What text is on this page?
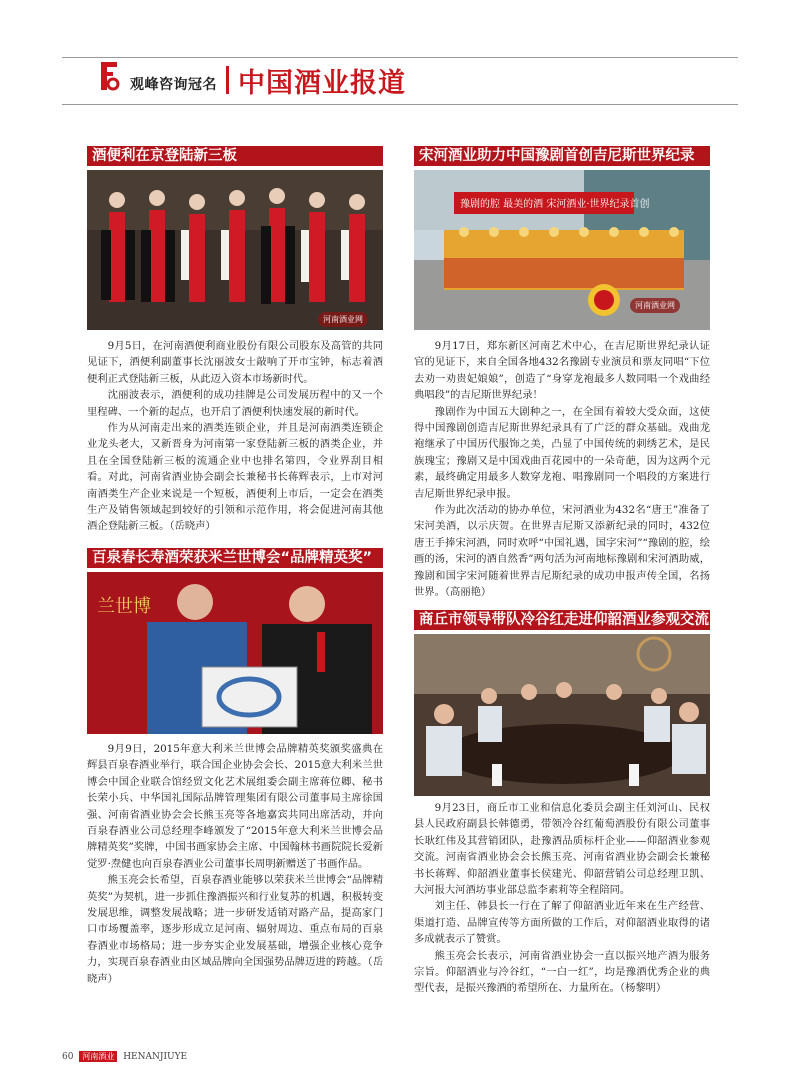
观峰咨询冠名 中国酒业报道
酒便利在京登陆新三板
河南酒业网

9月5日，在河南酒便利商业股份有限公司股东及高管的共同见证下，酒便利副董事长沈丽波女士敲响了开市宝钟，标志着酒便利正式登陆新三板，从此迈入资本市场新时代。

沈丽波表示，酒便利的成功挂牌是公司发展历程中的又一个里程碑、一个新的起点，也开启了酒便利快速发展的新时代。

作为从河南走出来的酒类连锁企业，并且是河南酒类连锁企业龙头老大，又新晋身为河南第一家登陆新三板的酒类企业，并且在全国登陆新三板的流通企业中也排名第四，令业界刮目相看。对此，河南省酒业协会副会长兼秘书长蒋辉表示，上市对河南酒类生产企业来说是一个短板，酒便利上市后，一定会在酒类生产及销售领域起到较好的引领和示范作用，将会促进河南其他酒企登陆新三板。（岳晓声）

百泉春长寿酒荣获米兰世博会“品牌精英奖”
兰世博

9月9日，2015年意大利米兰世博会品牌精英奖颁奖盛典在辉县百泉春酒业举行，联合国企业协会会长、2015意大利米兰世博会中国企业联合馆经贸文化艺术展组委会副主席蒋位卿、秘书长荣小兵、中华国礼国际品牌管理集团有限公司董事局主席徐国强、河南省酒业协会会长熊玉亮等各地嘉宾共同出席活动，并向百泉春酒业公司总经理李峰颁发了“2015年意大利米兰世博会品牌精英奖”奖牌，中国书画家协会主席、中国翰林书画院院长爱新觉罗·焘健也向百泉春酒业公司董事长周明新赠送了书画作品。

熊玉亮会长希望，百泉春酒业能够以荣获米兰世博会“品牌精英奖”为契机，进一步抓住豫酒振兴和行业复苏的机遇，积极转变发展思维，调整发展战略；进一步研发适销对路产品，提高家门口市场覆盖率，逐步形成立足河南、辐射周边、重点布局的百泉春酒业市场格局；进一步夯实企业发展基础，增强企业核心竞争力，实现百泉春酒业由区域品牌向全国强势品牌迈进的跨越。（岳晓声）

宋河酒业助力中国豫剧首创吉尼斯世界纪录
豫剧的腔 最美的酒 宋河酒业·世界纪录首创
河南酒业网

9月17日，郑东新区河南艺术中心，在吉尼斯世界纪录认证官的见证下，来自全国各地432名豫剧专业演员和票友同唱“下位去劝一劝贵妃娘娘”，创造了“身穿龙袍最多人数同唱一个戏曲经典唱段”的吉尼斯世界纪录！

豫剧作为中国五大剧种之一，在全国有着较大受众面，这使得中国豫剧创造吉尼斯世界纪录具有了广泛的群众基础。戏曲龙袍继承了中国历代服饰之美，凸显了中国传统的刺绣艺术，是民族瑰宝；豫剧又是中国戏曲百花园中的一朵奇葩，因为这两个元素，最终确定用最多人数穿龙袍、唱豫剧同一个唱段的方案进行吉尼斯世界纪录申报。

作为此次活动的协办单位，宋河酒业为432名“唐王”准备了宋河美酒，以示庆贺。在世界吉尼斯又添新纪录的同时，432位唐王手捧宋河酒，同时欢呼“中国礼遇，国字宋河”“豫剧的腔，绘画的汤，宋河的酒自然香”两句活为河南地标豫剧和宋河酒助威，豫剧和国字宋河随着世界吉尼斯纪录的成功申报声传全国，名扬世界。（高丽艳）

商丘市领导带队冷谷红走进仰韶酒业参观交流

9月23日，商丘市工业和信息化委员会副主任刘河山、民权县人民政府副县长韩德勇，带领冷谷红葡萄酒股份有限公司董事长耿红伟及其营销团队，赴豫酒品质标杆企业——仰韶酒业参观交流。河南省酒业协会会长熊玉亮、河南省酒业协会副会长兼秘书长蒋辉、仰韶酒业董事长侯建光、仰韶营销公司总经理卫凯、大河报大河酒坊事业部总监李素莉等全程陪同。

刘主任、韩县长一行在了解了仰韶酒业近年来在生产经营、渠道打造、品牌宣传等方面所做的工作后，对仰韶酒业取得的诸多成就表示了赞赏。

熊玉亮会长表示，河南省酒业协会一直以振兴地产酒为服务宗旨。仰韶酒业与冷谷红，“一白一红”，均是豫酒优秀企业的典型代表，是振兴豫酒的希望所在、力量所在。（杨黎明）

60 河南酒业 HENANJIUYE
